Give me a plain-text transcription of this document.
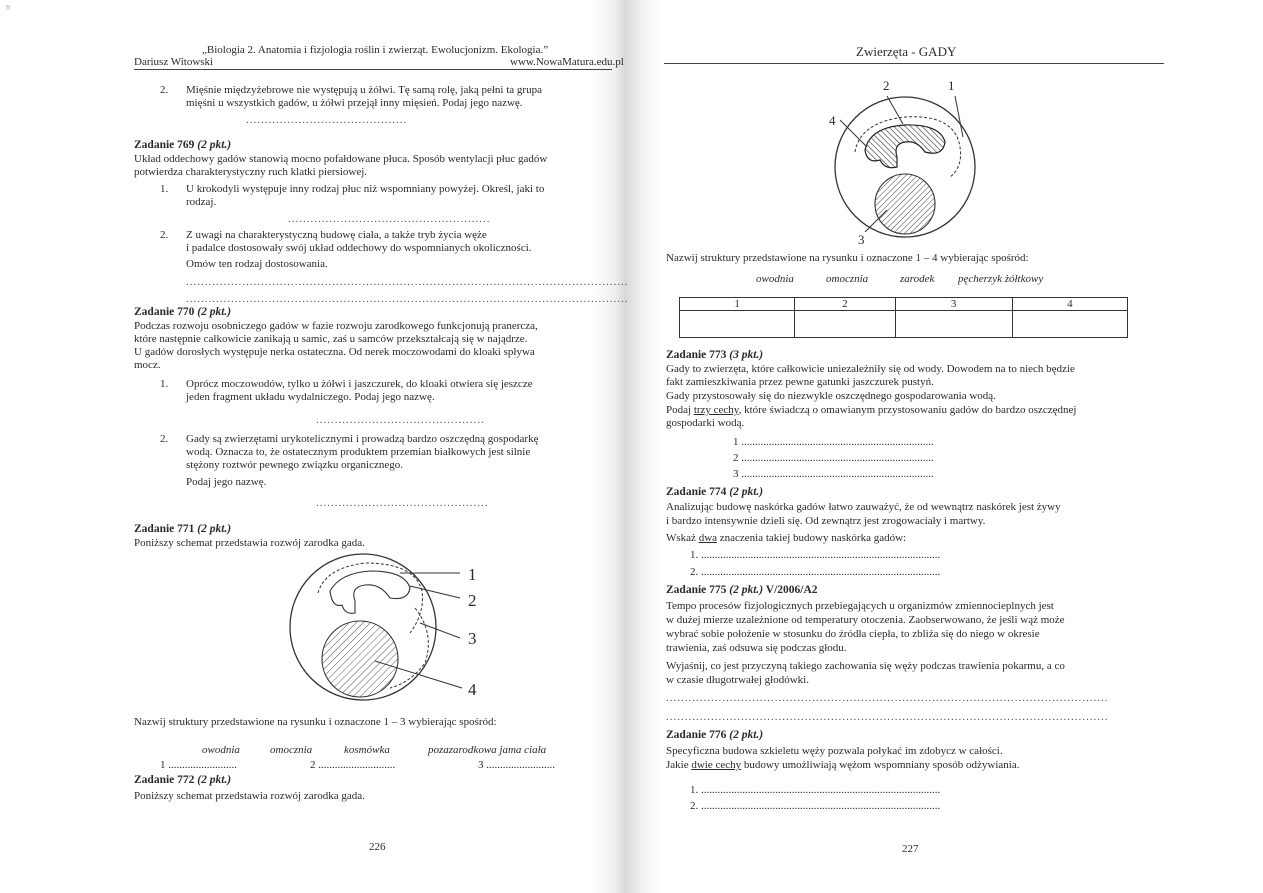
ᶠᶠ
„Biologia 2. Anatomia i fizjologia roślin i zwierząt. Ewolucjonizm. Ekologia.”
Dariusz Witowski	www.NowaMatura.edu.pl
2. Mięśnie międzyżebrowe nie występują u żółwi. Tę samą rolę, jaką pełni ta grupa
mięśni u wszystkich gadów, u żółwi przejął inny mięsień. Podaj jego nazwę.
...........................................
Zadanie 769 (2 pkt.)
Układ oddechowy gadów stanowią mocno pofałdowane płuca. Sposób wentylacji płuc gadów
potwierdza charakterystyczny ruch klatki piersiowej.
1. U krokodyli występuje inny rodzaj płuc niż wspomniany powyżej. Określ, jaki to
rodzaj.
......................................................
2. Z uwagi na charakterystyczną budowę ciała, a także tryb życia węże
i padalce dostosowały swój układ oddechowy do wspomnianych okoliczności.
Omów ten rodzaj dostosowania.
......................................................................................................................
......................................................................................................................
Zadanie 770 (2 pkt.)
Podczas rozwoju osobniczego gadów w fazie rozwoju zarodkowego funkcjonują pranercza,
które następnie całkowicie zanikają u samic, zaś u samców przekształcają się w najądrze.
U gadów dorosłych występuje nerka ostateczna. Od nerek moczowodami do kloaki spływa
mocz.
1. Oprócz moczowodów, tylko u żółwi i jaszczurek, do kloaki otwiera się jeszcze
jeden fragment układu wydalniczego. Podaj jego nazwę.
.............................................
2. Gady są zwierzętami urykotelicznymi i prowadzą bardzo oszczędną gospodarkę
wodą. Oznacza to, że ostatecznym produktem przemian białkowych jest silnie
stężony roztwór pewnego związku organicznego.
Podaj jego nazwę.
..............................................
Zadanie 771 (2 pkt.)
Poniższy schemat przedstawia rozwój zarodka gada.
1
2
3
4
Nazwij struktury przedstawione na rysunku i oznaczone 1 – 3 wybierając spośród:
owodnia	omocznia	kosmówka	pozazarodkowa jama ciała
1 .........................	2 ............................	3 .........................
Zadanie 772 (2 pkt.)
Poniższy schemat przedstawia rozwój zarodka gada.
226
Zwierzęta - GADY
2	1
4
3
Nazwij struktury przedstawione na rysunku i oznaczone 1 – 4 wybierając spośród:
owodnia	omocznia	zarodek pęcherzyk żółtkowy
1	2	3	4

Zadanie 773 (3 pkt.)
Gady to zwierzęta, które całkowicie uniezależniły się od wody. Dowodem na to niech będzie
fakt zamieszkiwania przez pewne gatunki jaszczurek pustyń.
Gady przystosowały się do niezwykle oszczędnego gospodarowania wodą.
Podaj trzy cechy, które świadczą o omawianym przystosowaniu gadów do bardzo oszczędnej
gospodarki wodą.
1 ......................................................................
2 ......................................................................
3 ......................................................................
Zadanie 774 (2 pkt.)
Analizując budowę naskórka gadów łatwo zauważyć, że od wewnątrz naskórek jest żywy
i bardzo intensywnie dzieli się. Od zewnątrz jest zrogowaciały i martwy.
Wskaż dwa znaczenia takiej budowy naskórka gadów:
1. .......................................................................................
2. .......................................................................................
Zadanie 775 (2 pkt.) V/2006/A2
Tempo procesów fizjologicznych przebiegających u organizmów zmiennocieplnych jest
w dużej mierze uzależnione od temperatury otoczenia. Zaobserwowano, że jeśli wąż może
wybrać sobie położenie w stosunku do źródła ciepła, to zbliża się do niego w okresie
trawienia, zaś odsuwa się podczas głodu.
Wyjaśnij, co jest przyczyną takiego zachowania się węży podczas trawienia pokarmu, a co
w czasie długotrwałej głodówki.
......................................................................................................................
......................................................................................................................
Zadanie 776 (2 pkt.)
Specyficzna budowa szkieletu węży pozwala połykać im zdobycz w całości.
Jakie dwie cechy budowy umożliwiają wężom wspomniany sposób odżywiania.
1. .......................................................................................
2. .......................................................................................
227
